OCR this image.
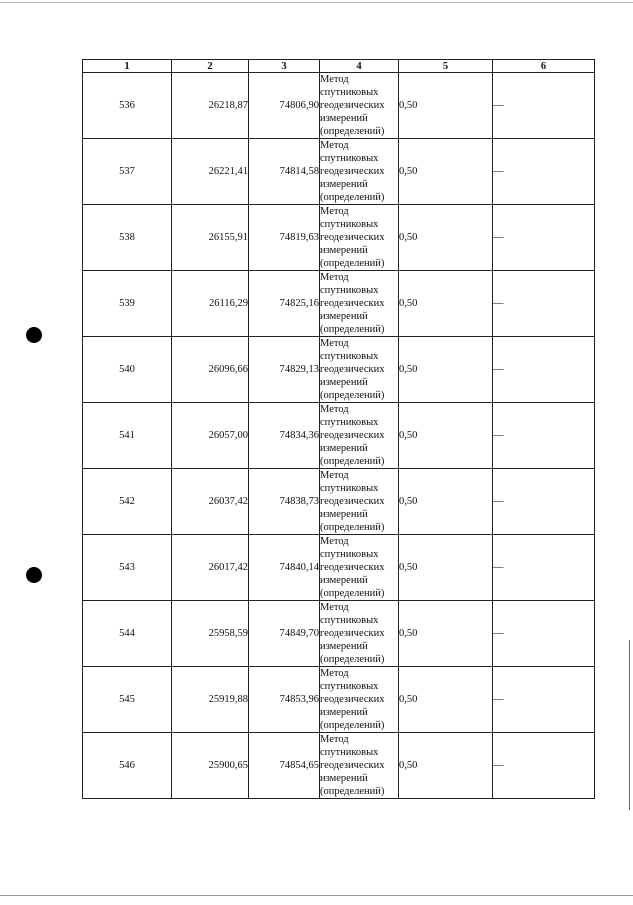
1	2	3	4	5	6
536	26218,87	74806,90	Метод
спутниковых
геодезических
измерений
(определений)	0,50	—
537	26221,41	74814,58	Метод
спутниковых
геодезических
измерений
(определений)	0,50	—
538	26155,91	74819,63	Метод
спутниковых
геодезических
измерений
(определений)	0,50	—
539	26116,29	74825,16	Метод
спутниковых
геодезических
измерений
(определений)	0,50	—
540	26096,66	74829,13	Метод
спутниковых
геодезических
измерений
(определений)	0,50	—
541	26057,00	74834,36	Метод
спутниковых
геодезических
измерений
(определений)	0,50	—
542	26037,42	74838,73	Метод
спутниковых
геодезических
измерений
(определений)	0,50	—
543	26017,42	74840,14	Метод
спутниковых
геодезических
измерений
(определений)	0,50	—
544	25958,59	74849,70	Метод
спутниковых
геодезических
измерений
(определений)	0,50	—
545	25919,88	74853,96	Метод
спутниковых
геодезических
измерений
(определений)	0,50	—
546	25900,65	74854,65	Метод
спутниковых
геодезических
измерений
(определений)	0,50	—
